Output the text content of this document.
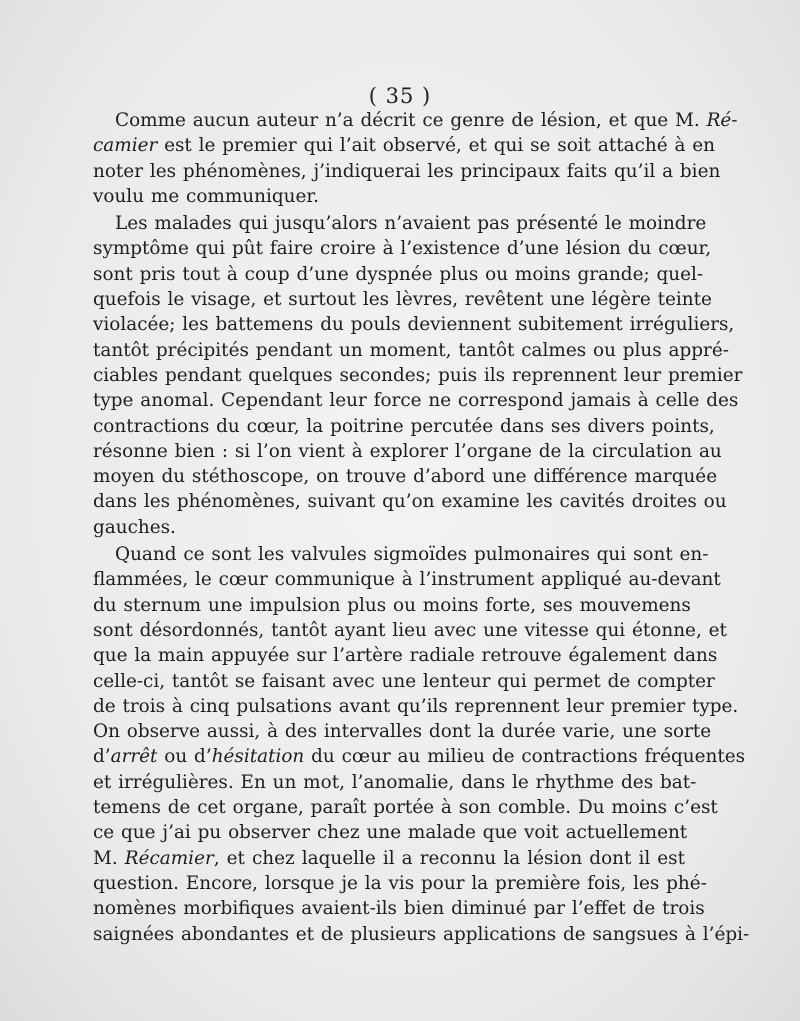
( 35 )
Comme aucun auteur n’a décrit ce genre de lésion, et que M. Ré-
camier est le premier qui l’ait observé, et qui se soit attaché à en
noter les phénomènes, j’indiquerai les principaux faits qu’il a bien
voulu me communiquer.
Les malades qui jusqu’alors n’avaient pas présenté le moindre
symptôme qui pût faire croire à l’existence d’une lésion du cœur,
sont pris tout à coup d’une dyspnée plus ou moins grande; quel-
quefois le visage, et surtout les lèvres, revêtent une légère teinte
violacée; les battemens du pouls deviennent subitement irréguliers,
tantôt précipités pendant un moment, tantôt calmes ou plus appré-
ciables pendant quelques secondes; puis ils reprennent leur premier
type anomal. Cependant leur force ne correspond jamais à celle des
contractions du cœur, la poitrine percutée dans ses divers points,
résonne bien : si l’on vient à explorer l’organe de la circulation au
moyen du stéthoscope, on trouve d’abord une différence marquée
dans les phénomènes, suivant qu’on examine les cavités droites ou
gauches.
Quand ce sont les valvules sigmoïdes pulmonaires qui sont en-
flammées, le cœur communique à l’instrument appliqué au-devant
du sternum une impulsion plus ou moins forte, ses mouvemens
sont désordonnés, tantôt ayant lieu avec une vitesse qui étonne, et
que la main appuyée sur l’artère radiale retrouve également dans
celle-ci, tantôt se faisant avec une lenteur qui permet de compter
de trois à cinq pulsations avant qu’ils reprennent leur premier type.
On observe aussi, à des intervalles dont la durée varie, une sorte
d’arrêt ou d’hésitation du cœur au milieu de contractions fréquentes
et irrégulières. En un mot, l’anomalie, dans le rhythme des bat-
temens de cet organe, paraît portée à son comble. Du moins c’est
ce que j’ai pu observer chez une malade que voit actuellement
M. Récamier, et chez laquelle il a reconnu la lésion dont il est
question. Encore, lorsque je la vis pour la première fois, les phé-
nomènes morbifiques avaient-ils bien diminué par l’effet de trois
saignées abondantes et de plusieurs applications de sangsues à l’épi-
